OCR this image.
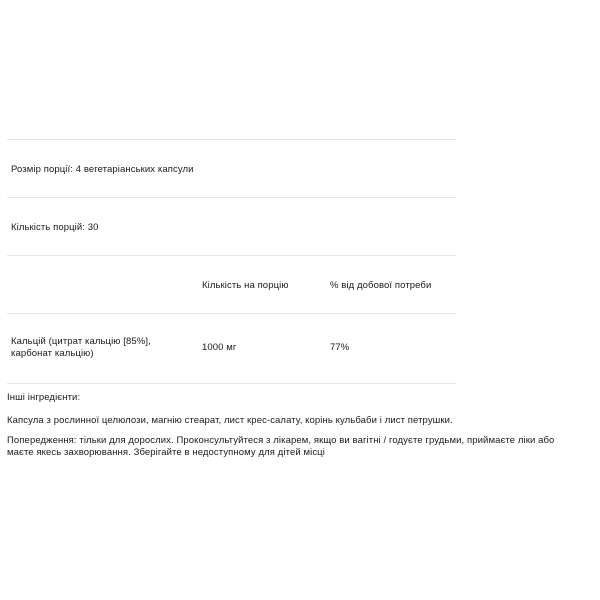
Розмір порції: 4 вегетаріанських капсули
Кількість порцій: 30
Кількість на порцію	% від добової потреби
Кальцій (цитрат кальцію [85%],
карбонат кальцію)
1000 мг	77%
Інші інгредієнти:
Капсула з рослинної целюлози, магнію стеарат, лист крес-салату, корінь кульбаби і лист петрушки.
Попередження: тільки для дорослих. Проконсультуйтеся з лікарем, якщо ви вагітні / годуєте грудьми, приймаєте ліки або
маєте якесь захворювання. Зберігайте в недоступному для дітей місці
